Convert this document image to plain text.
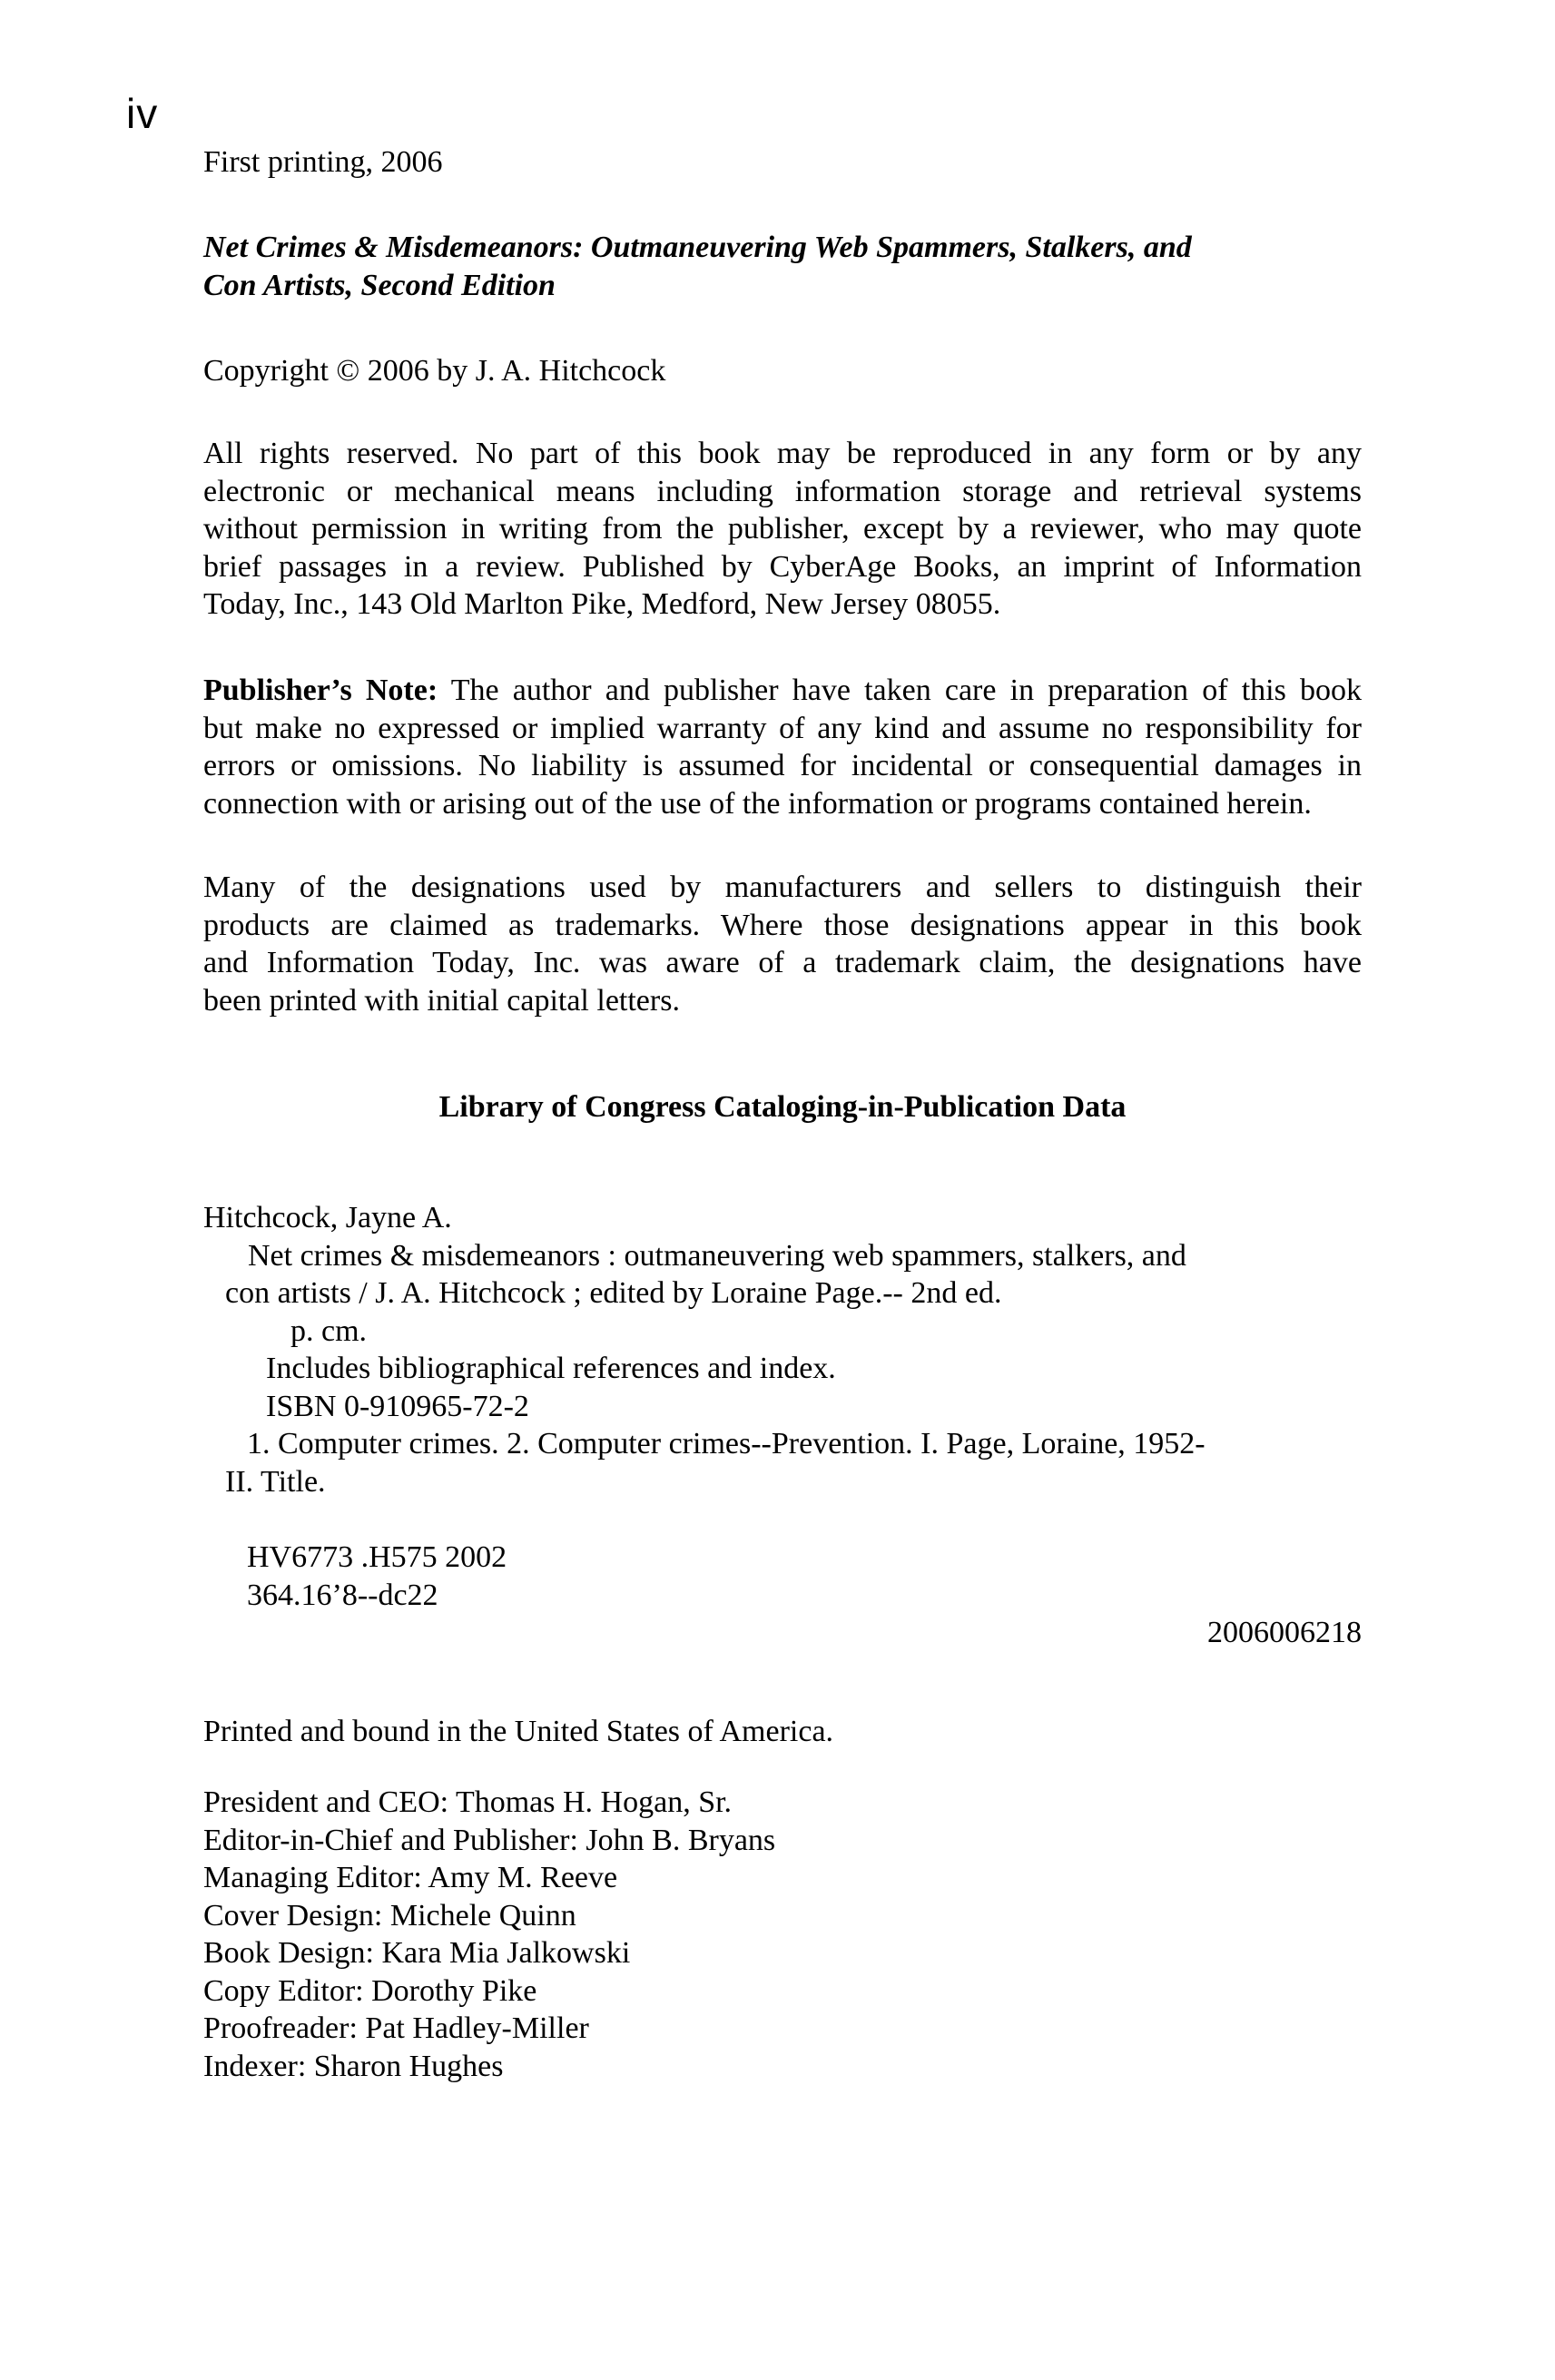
iv
First printing, 2006
Net Crimes & Misdemeanors: Outmaneuvering Web Spammers, Stalkers, and
Con Artists, Second Edition
Copyright © 2006 by J. A. Hitchcock
All rights reserved. No part of this book may be reproduced in any form or by any
electronic or mechanical means including information storage and retrieval systems
without permission in writing from the publisher, except by a reviewer, who may quote
brief passages in a review. Published by CyberAge Books, an imprint of Information
Today, Inc., 143 Old Marlton Pike, Medford, New Jersey 08055.
Publisher’s Note: The author and publisher have taken care in preparation of this book
but make no expressed or implied warranty of any kind and assume no responsibility for
errors or omissions. No liability is assumed for incidental or consequential damages in
connection with or arising out of the use of the information or programs contained herein.
Many of the designations used by manufacturers and sellers to distinguish their
products are claimed as trademarks. Where those designations appear in this book
and Information Today, Inc. was aware of a trademark claim, the designations have
been printed with initial capital letters.
Library of Congress Cataloging-in-Publication Data
Hitchcock, Jayne A.
Net crimes & misdemeanors : outmaneuvering web spammers, stalkers, and
con artists / J. A. Hitchcock ; edited by Loraine Page.-- 2nd ed.
p. cm.
Includes bibliographical references and index.
ISBN 0-910965-72-2
1. Computer crimes. 2. Computer crimes--Prevention. I. Page, Loraine, 1952-
II. Title.
HV6773 .H575 2002
364.16’8--dc22
2006006218
Printed and bound in the United States of America.
President and CEO: Thomas H. Hogan, Sr.
Editor-in-Chief and Publisher: John B. Bryans
Managing Editor: Amy M. Reeve
Cover Design: Michele Quinn
Book Design: Kara Mia Jalkowski
Copy Editor: Dorothy Pike
Proofreader: Pat Hadley-Miller
Indexer: Sharon Hughes
